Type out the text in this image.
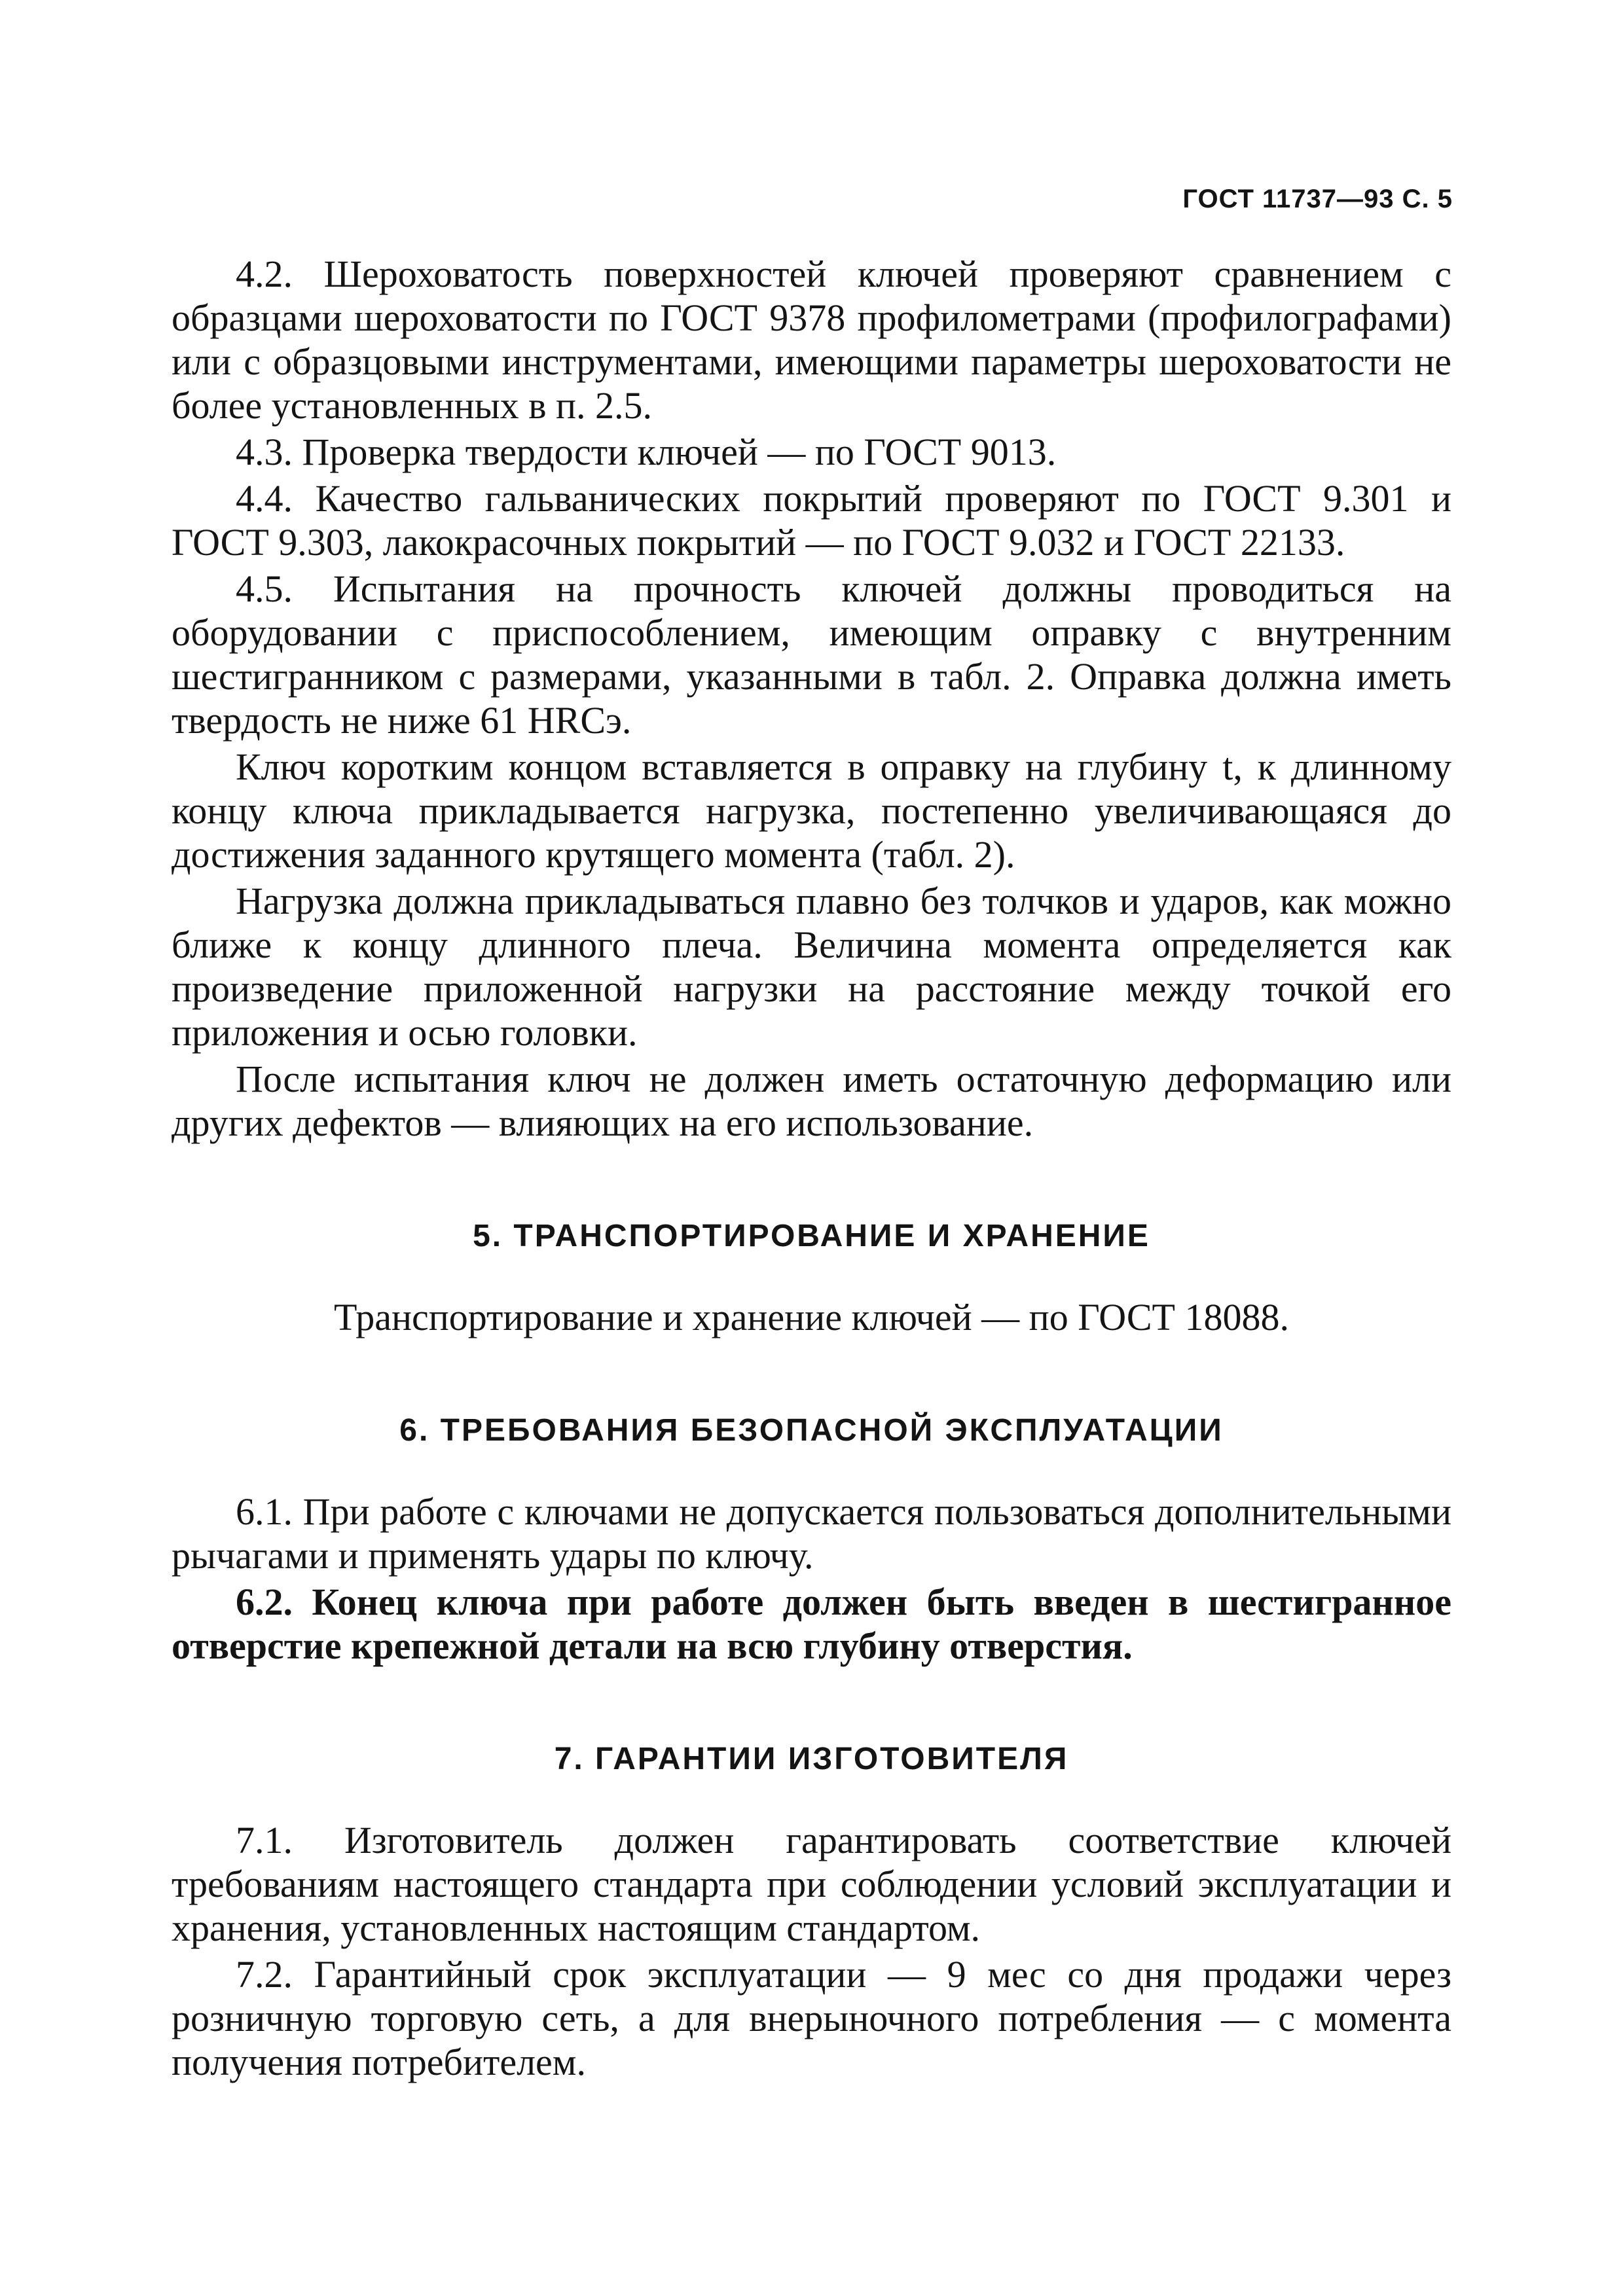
ГОСТ 11737—93 С. 5

4.2. Шероховатость поверхностей ключей проверяют сравнением с образцами шероховатости по ГОСТ 9378 профилометрами (профилографами) или с образцовыми инструментами, имеющими параметры шероховатости не более установленных в п. 2.5.

4.3. Проверка твердости ключей — по ГОСТ 9013.

4.4. Качество гальванических покрытий проверяют по ГОСТ 9.301 и ГОСТ 9.303, лакокрасочных покрытий — по ГОСТ 9.032 и ГОСТ 22133.

4.5. Испытания на прочность ключей должны проводиться на оборудовании с приспособлением, имеющим оправку с внутренним шестигранником с размерами, указанными в табл. 2. Оправка должна иметь твердость не ниже 61 HRCэ.

Ключ коротким концом вставляется в оправку на глубину t, к длинному концу ключа прикладывается нагрузка, постепенно увеличивающаяся до достижения заданного крутящего момента (табл. 2).

Нагрузка должна прикладываться плавно без толчков и ударов, как можно ближе к концу длинного плеча. Величина момента определяется как произведение приложенной нагрузки на расстояние между точкой его приложения и осью головки.

После испытания ключ не должен иметь остаточную деформацию или других дефектов — влияющих на его использование.

5. ТРАНСПОРТИРОВАНИЕ И ХРАНЕНИЕ

Транспортирование и хранение ключей — по ГОСТ 18088.

6. ТРЕБОВАНИЯ БЕЗОПАСНОЙ ЭКСПЛУАТАЦИИ

6.1. При работе с ключами не допускается пользоваться дополнительными рычагами и применять удары по ключу.

6.2. Конец ключа при работе должен быть введен в шестигранное отверстие крепежной детали на всю глубину отверстия.

7. ГАРАНТИИ ИЗГОТОВИТЕЛЯ

7.1. Изготовитель должен гарантировать соответствие ключей требованиям настоящего стандарта при соблюдении условий эксплуатации и хранения, установленных настоящим стандартом.

7.2. Гарантийный срок эксплуатации — 9 мес со дня продажи через розничную торговую сеть, а для внерыночного потребления — с момента получения потребителем.
